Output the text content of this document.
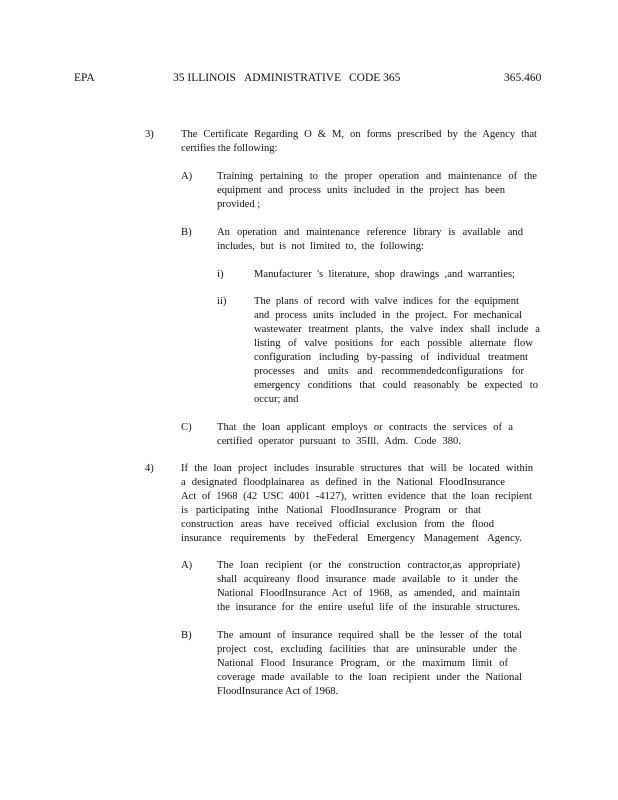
EPA	35 ILLINOIS ADMINISTRATIVE CODE 365	365.460
3)	The Certificate Regarding O & M, on forms prescribed by the Agency that
certifies the following:
A) Training pertaining to the proper operation and maintenance of the
equipment and process units included in the project has been
provided ;
B) An operation and maintenance reference library is available and
includes, but is not limited to, the following:
i)	Manufacturer 's literature, shop drawings ,and warranties;
ii)	The plans of record with valve indices for the equipment
and process units included in the project. For mechanical
wastewater treatment plants, the valve index shall include a
listing of valve positions for each possible alternate flow
configuration including by-passing of individual treatment
processes and units and recommendedconfigurations for
emergency conditions that could reasonably be expected to
occur; and
C) That the loan applicant employs or contracts the services of a
certified operator pursuant to 35Ill. Adm. Code 380.
4)	If the loan project includes insurable structures that will be located within
a designated floodplainarea as defined in the National FloodInsurance
Act of 1968 (42 USC 4001 -4127), written evidence that the loan recipient
is participating inthe National FloodInsurance Program or that
construction areas have received official exclusion from the flood
insurance requirements by theFederal Emergency Management Agency.
A) The loan recipient (or the construction contractor,as appropriate)
shall acquireany flood insurance made available to it under the
National FloodInsurance Act of 1968, as amended, and maintain
the insurance for the entire useful life of the insurable structures.
B) The amount of insurance required shall be the lesser of the total
project cost, excluding facilities that are uninsurable under the
National Flood Insurance Program, or the maximum limit of
coverage made available to the loan recipient under the National
FloodInsurance Act of 1968.
